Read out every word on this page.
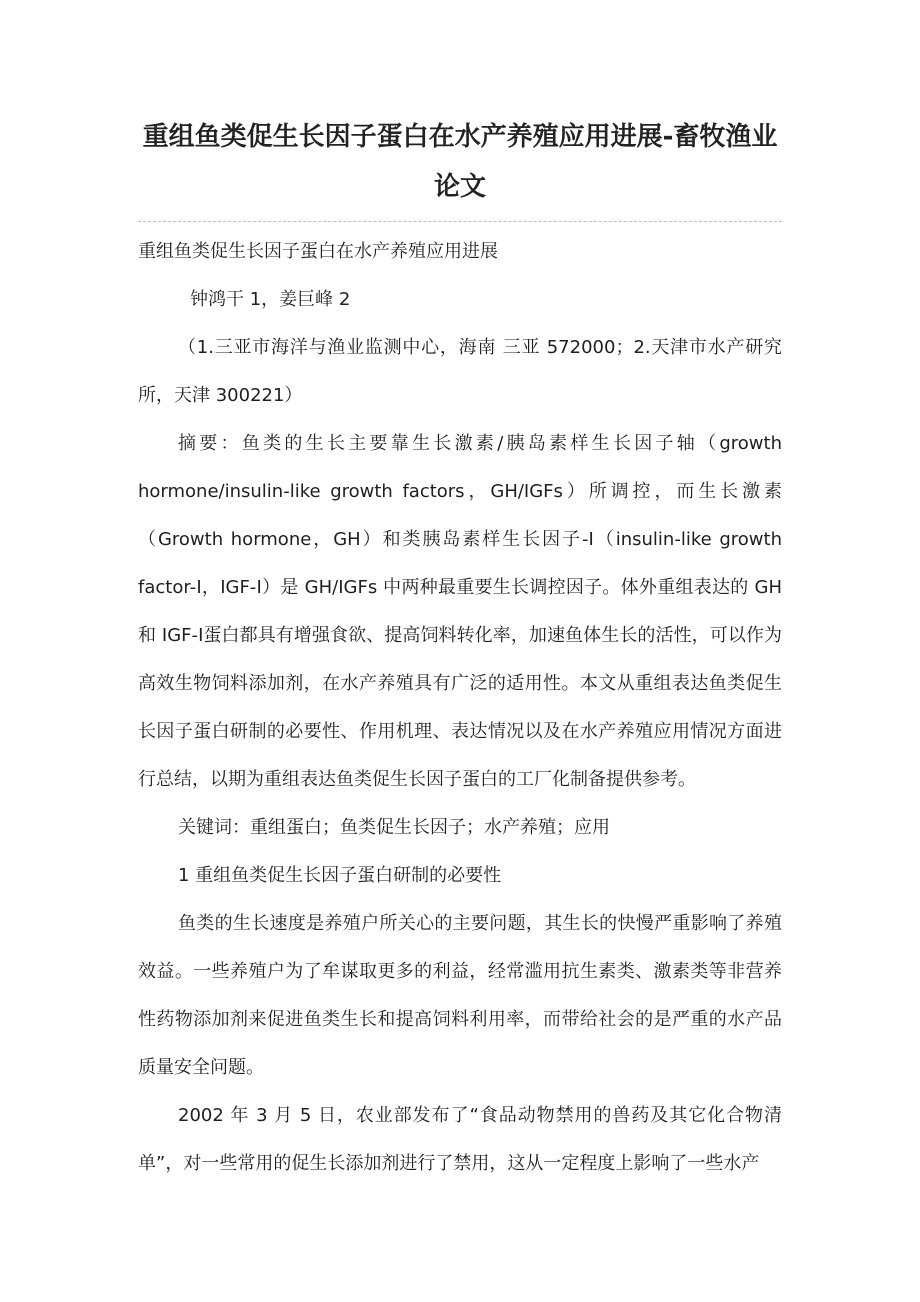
重组鱼类促生长因子蛋白在水产养殖应用进展-畜牧渔业论文

重组鱼类促生长因子蛋白在水产养殖应用进展

钟鸿干 1，姜巨峰 2

（1.三亚市海洋与渔业监测中心，海南 三亚 572000；2.天津市水产研究所，天津 300221）

摘要：鱼类的生长主要靠生长激素/胰岛素样生长因子轴（growth hormone/insulin-like growth factors，GH/IGFs）所调控，而生长激素（Growth hormone，GH）和类胰岛素样生长因子-I（insulin-like growth factor-Ⅰ，IGF-Ⅰ）是 GH/IGFs 中两种最重要生长调控因子。体外重组表达的 GH 和 IGF-Ⅰ蛋白都具有增强食欲、提高饲料转化率，加速鱼体生长的活性，可以作为高效生物饲料添加剂，在水产养殖具有广泛的适用性。本文从重组表达鱼类促生长因子蛋白研制的必要性、作用机理、表达情况以及在水产养殖应用情况方面进行总结，以期为重组表达鱼类促生长因子蛋白的工厂化制备提供参考。

关键词：重组蛋白；鱼类促生长因子；水产养殖；应用

1 重组鱼类促生长因子蛋白研制的必要性

鱼类的生长速度是养殖户所关心的主要问题，其生长的快慢严重影响了养殖效益。一些养殖户为了牟谋取更多的利益，经常滥用抗生素类、激素类等非营养性药物添加剂来促进鱼类生长和提高饲料利用率，而带给社会的是严重的水产品质量安全问题。

2002 年 3 月 5 日，农业部发布了“食品动物禁用的兽药及其它化合物清单”，对一些常用的促生长添加剂进行了禁用，这从一定程度上影响了一些水产
